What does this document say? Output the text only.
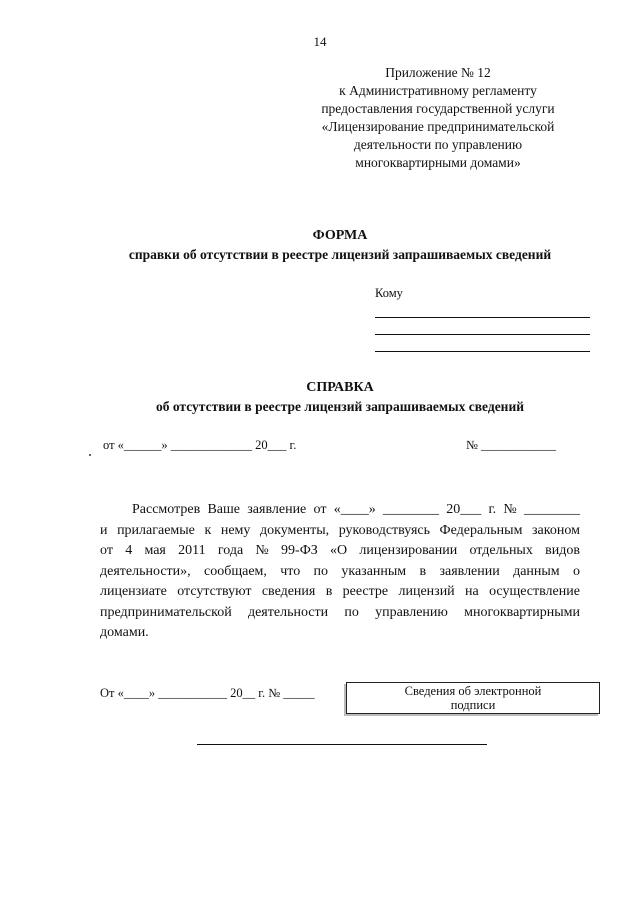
14
Приложение № 12
к Административному регламенту
предоставления государственной услуги
«Лицензирование предпринимательской
деятельности по управлению
многоквартирными домами»
ФОРМА
справки об отсутствии в реестре лицензий запрашиваемых сведений
Кому
СПРАВКА
об отсутствии в реестре лицензий запрашиваемых сведений
от «______» _____________ 20___ г.	№ ____________
Рассмотрев Ваше заявление от «____» ________ 20___ г. № ________
и прилагаемые к нему документы, руководствуясь Федеральным законом
от 4 мая 2011 года № 99-ФЗ «О лицензировании отдельных видов
деятельности», сообщаем, что по указанным в заявлении данным о
лицензиате отсутствуют сведения в реестре лицензий на осуществление
предпринимательской деятельности по управлению многоквартирными
домами.
От «____» ___________ 20__ г. № _____	Сведения об электронной
подписи
